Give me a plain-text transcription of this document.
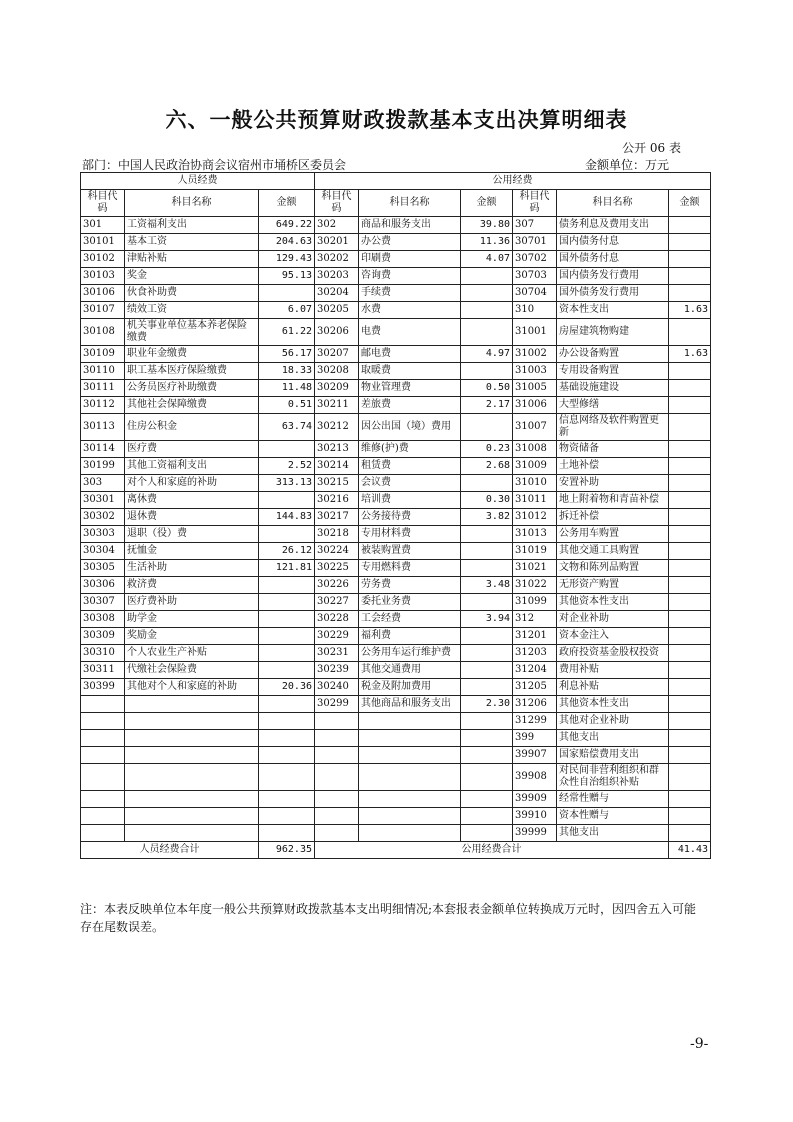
六、一般公共预算财政拨款基本支出决算明细表
公开 06 表
部门：中国人民政治协商会议宿州市埇桥区委员会	金额单位：万元
人员经费			公用经费					
科目代码	科目名称	金额	科目代码	科目名称	金额	科目代码	科目名称	金额
301	工资福利支出	649.22	302	商品和服务支出	39.80	307	债务利息及费用支出	
30101	基本工资	204.63	30201	办公费	11.36	30701	国内债务付息	
30102	津贴补贴	129.43	30202	印刷费	4.07	30702	国外债务付息	
30103	奖金	95.13	30203	咨询费		30703	国内债务发行费用	
30106	伙食补助费		30204	手续费		30704	国外债务发行费用	
30107	绩效工资	6.07	30205	水费		310	资本性支出	1.63
30108	机关事业单位基本养老保险缴费	61.22	30206	电费		31001	房屋建筑物购建	
30109	职业年金缴费	56.17	30207	邮电费	4.97	31002	办公设备购置	1.63
30110	职工基本医疗保险缴费	18.33	30208	取暖费		31003	专用设备购置	
30111	公务员医疗补助缴费	11.48	30209	物业管理费	0.50	31005	基础设施建设	
30112	其他社会保障缴费	0.51	30211	差旅费	2.17	31006	大型修缮	
30113	住房公积金	63.74	30212	因公出国（境）费用		31007	信息网络及软件购置更新	
30114	医疗费		30213	维修(护)费	0.23	31008	物资储备	
30199	其他工资福利支出	2.52	30214	租赁费	2.68	31009	土地补偿	
303	对个人和家庭的补助	313.13	30215	会议费		31010	安置补助	
30301	离休费		30216	培训费	0.30	31011	地上附着物和青苗补偿	
30302	退休费	144.83	30217	公务接待费	3.82	31012	拆迁补偿	
30303	退职（役）费		30218	专用材料费		31013	公务用车购置	
30304	抚恤金	26.12	30224	被装购置费		31019	其他交通工具购置	
30305	生活补助	121.81	30225	专用燃料费		31021	文物和陈列品购置	
30306	救济费		30226	劳务费	3.48	31022	无形资产购置	
30307	医疗费补助		30227	委托业务费		31099	其他资本性支出	
30308	助学金		30228	工会经费	3.94	312	对企业补助	
30309	奖励金		30229	福利费		31201	资本金注入	
30310	个人农业生产补贴		30231	公务用车运行维护费		31203	政府投资基金股权投资	
30311	代缴社会保险费		30239	其他交通费用		31204	费用补贴	
30399	其他对个人和家庭的补助	20.36	30240	税金及附加费用		31205	利息补贴	
			30299	其他商品和服务支出	2.30	31206	其他资本性支出	
						31299	其他对企业补助	
						399	其他支出	
						39907	国家赔偿费用支出	
						39908	对民间非营利组织和群众性自治组织补贴	
						39909	经常性赠与	
						39910	资本性赠与	
						39999	其他支出	
人员经费合计		962.35	公用经费合计					41.43
注：本表反映单位本年度一般公共预算财政拨款基本支出明细情况;本套报表金额单位转换成万元时，因四舍五入可能存在尾数误差。
-9-
